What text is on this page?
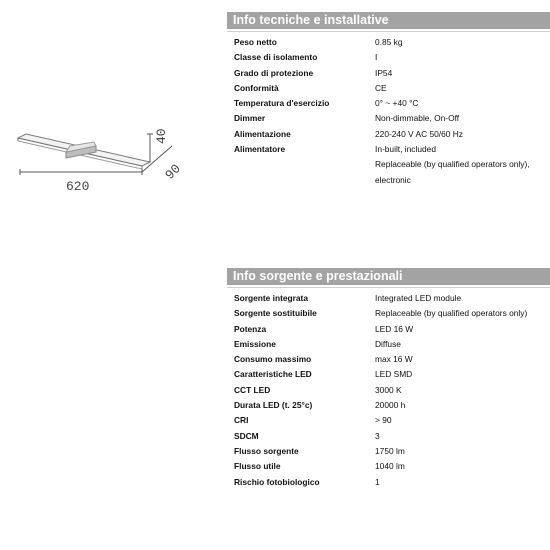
620
40
90
Info tecniche e installative
Peso netto	0.85 kg
Classe di isolamento	I
Grado di protezione	IP54
Conformità	CE
Temperatura d'esercizio	0° ~ +40 °C
Dimmer	Non-dimmable, On-Off
Alimentazione	220-240 V AC 50/60 Hz
Alimentatore	In-built, included
Replaceable (by qualified operators only),
electronic
Info sorgente e prestazionali
Sorgente integrata	Integrated LED module
Sorgente sostituibile	Replaceable (by qualified operators only)
Potenza	LED 16 W
Emissione	Diffuse
Consumo massimo	max 16 W
Caratteristiche LED	LED SMD
CCT LED	3000 K
Durata LED (t. 25°c)	20000 h
CRI	> 90
SDCM	3
Flusso sorgente	1750 lm
Flusso utile	1040 lm
Rischio fotobiologico	1
